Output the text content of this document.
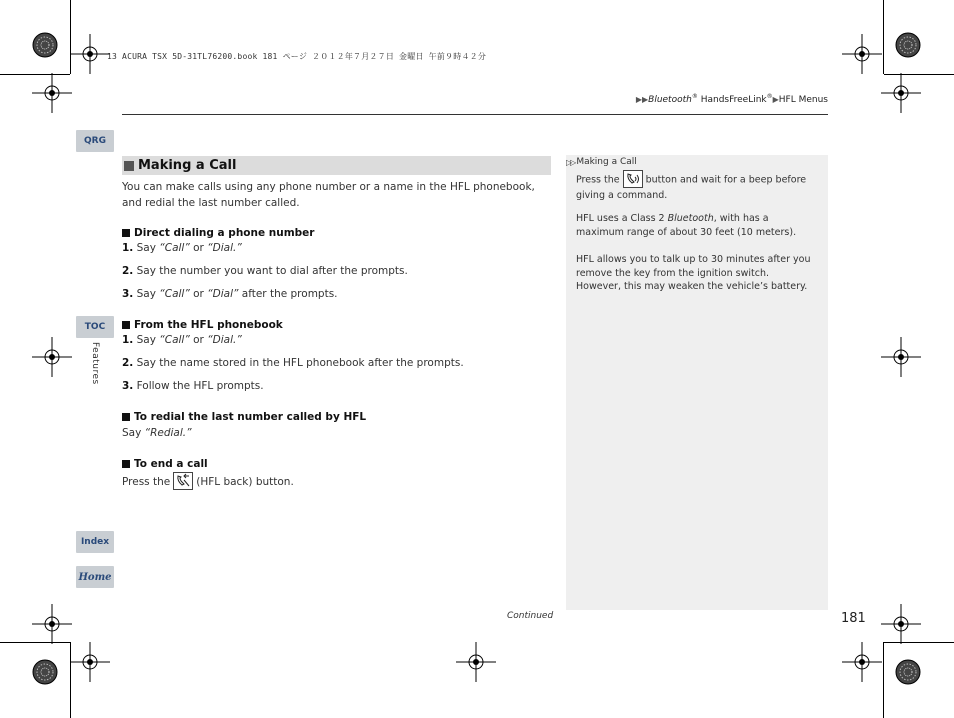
13 ACURA TSX 5D-31TL76200.book 181 ページ ２０１２年７月２７日 金曜日 午前９時４２分
▶▶Bluetooth® HandsFreeLink®▶HFL Menus
QRG
TOC
Features
Index
Home
Making a Call
You can make calls using any phone number or a name in the HFL phonebook, and redial the last number called.
Direct dialing a phone number
1. Say “Call” or “Dial.”
2. Say the number you want to dial after the prompts.
3. Say “Call” or “Dial” after the prompts.
From the HFL phonebook
1. Say “Call” or “Dial.”
2. Say the name stored in the HFL phonebook after the prompts.
3. Follow the HFL prompts.
To redial the last number called by HFL
Say “Redial.”
To end a call
Press the (HFL back) button.
▷▷ Making a Call

Press the	button and wait for a beep before giving a command.

HFL uses a Class 2 Bluetooth, with has a maximum range of about 30 feet (10 meters).

HFL allows you to talk up to 30 minutes after you remove the key from the ignition switch. However, this may weaken the vehicle’s battery.

Continued	181
